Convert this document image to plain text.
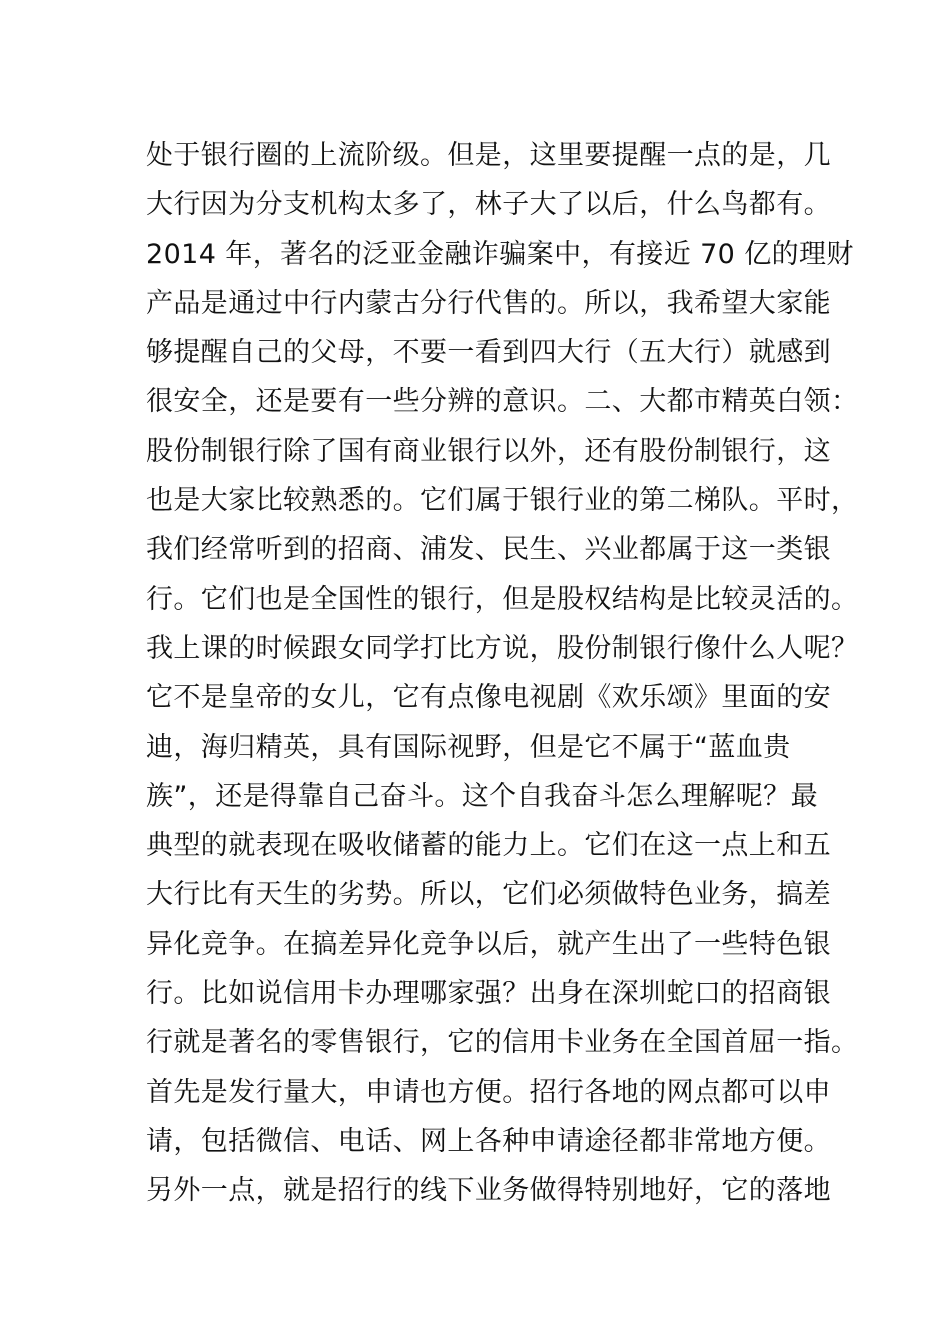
处于银行圈的上流阶级。但是，这里要提醒一点的是，几
大行因为分支机构太多了，林子大了以后，什么鸟都有。
2014 年，著名的泛亚金融诈骗案中，有接近 70 亿的理财
产品是通过中行内蒙古分行代售的。所以，我希望大家能
够提醒自己的父母，不要一看到四大行（五大行）就感到
很安全，还是要有一些分辨的意识。二、大都市精英白领：
股份制银行除了国有商业银行以外，还有股份制银行，这
也是大家比较熟悉的。它们属于银行业的第二梯队。平时，
我们经常听到的招商、浦发、民生、兴业都属于这一类银
行。它们也是全国性的银行，但是股权结构是比较灵活的。
我上课的时候跟女同学打比方说，股份制银行像什么人呢？
它不是皇帝的女儿，它有点像电视剧《欢乐颂》里面的安
迪，海归精英，具有国际视野，但是它不属于“蓝血贵
族”，还是得靠自己奋斗。这个自我奋斗怎么理解呢？最
典型的就表现在吸收储蓄的能力上。它们在这一点上和五
大行比有天生的劣势。所以，它们必须做特色业务，搞差
异化竞争。在搞差异化竞争以后，就产生出了一些特色银
行。比如说信用卡办理哪家强？出身在深圳蛇口的招商银
行就是著名的零售银行，它的信用卡业务在全国首屈一指。
首先是发行量大，申请也方便。招行各地的网点都可以申
请，包括微信、电话、网上各种申请途径都非常地方便。
另外一点，就是招行的线下业务做得特别地好，它的落地
